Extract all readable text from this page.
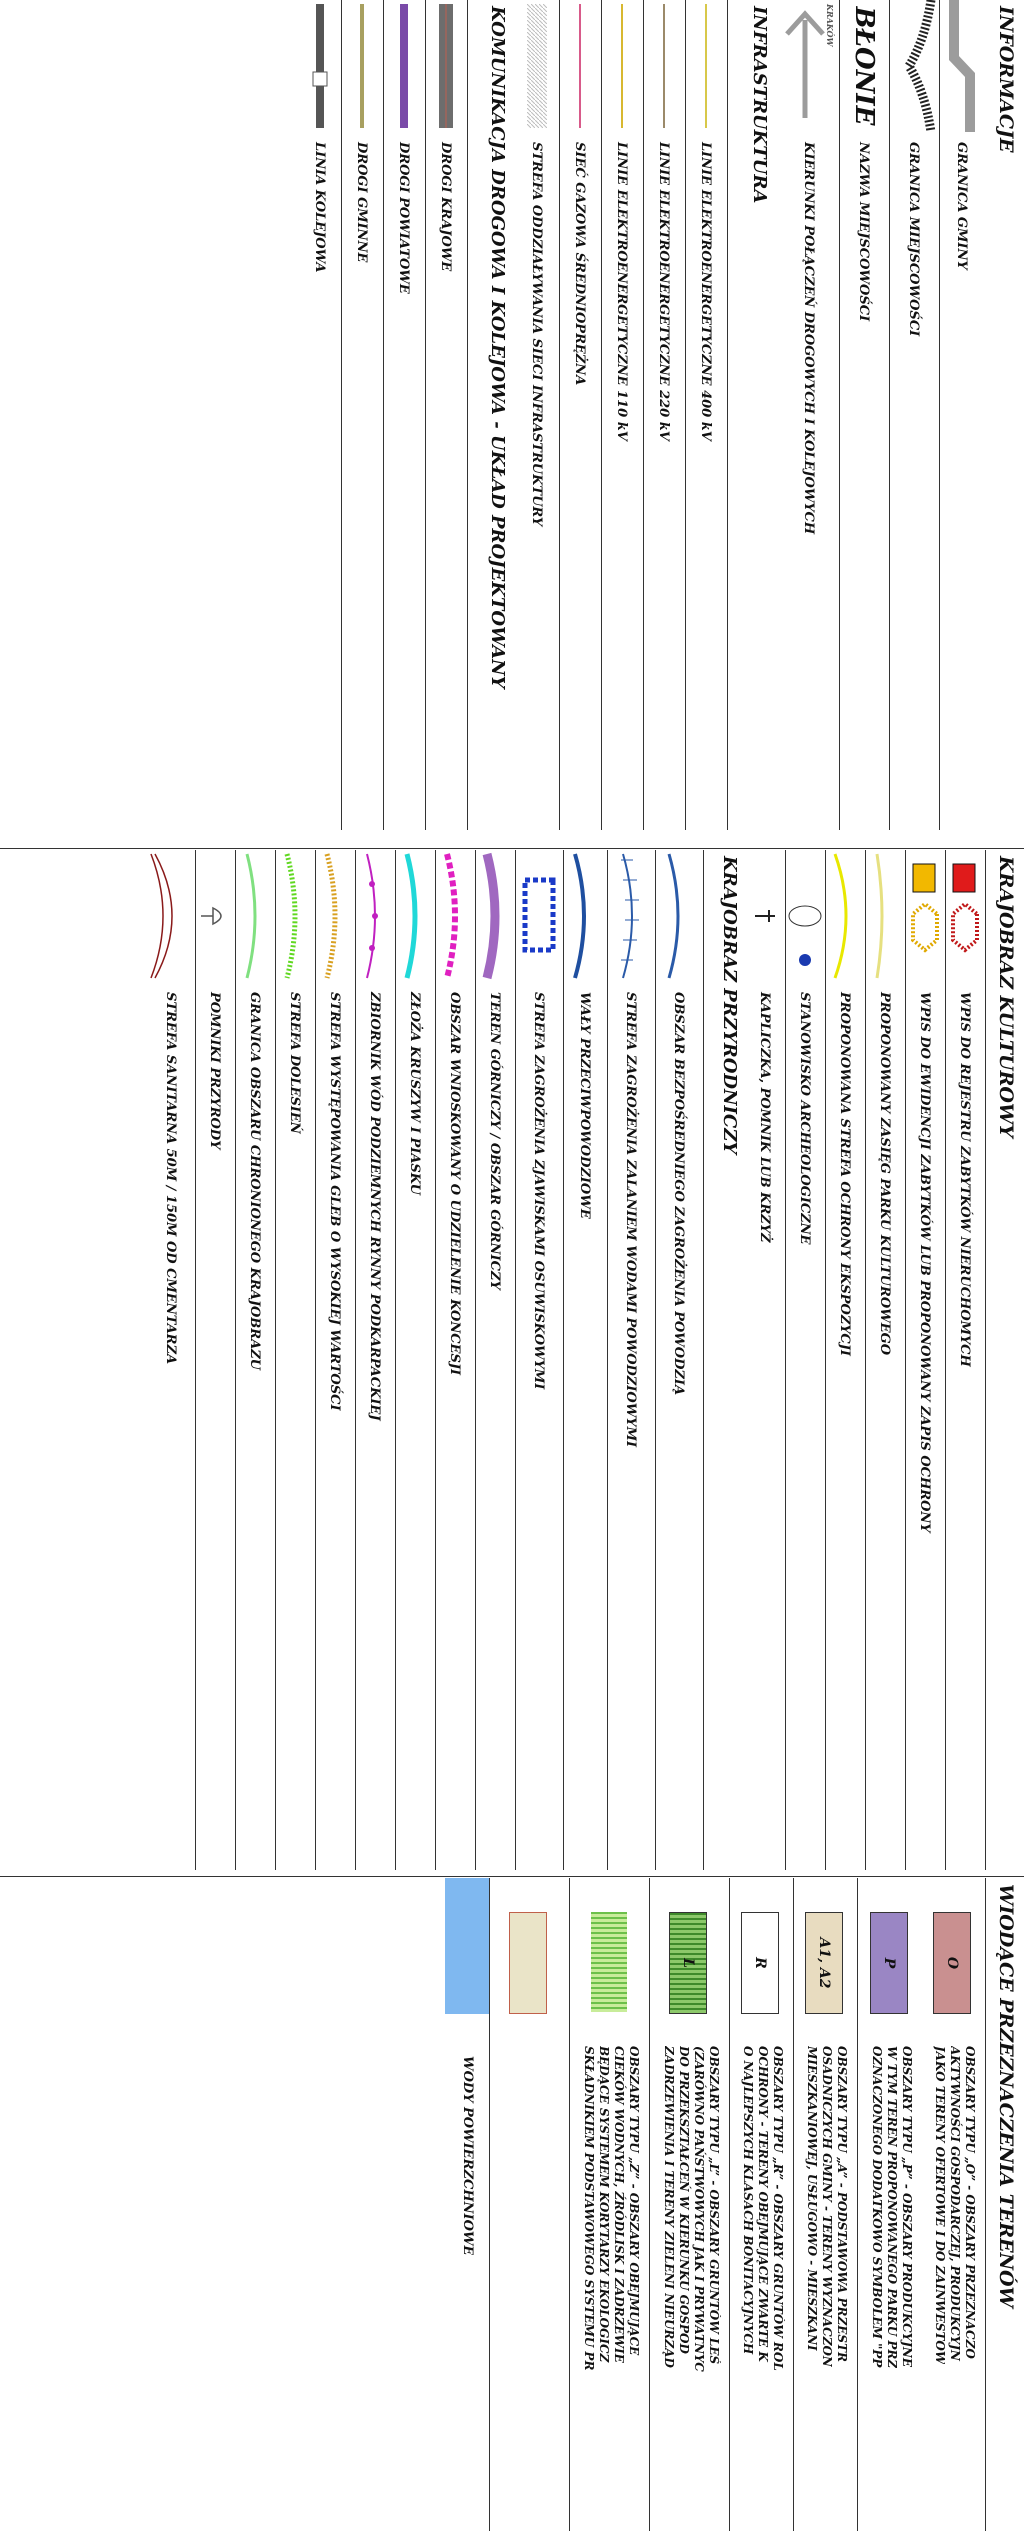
INFORMACJE
GRANICA GMINY
GRANICA MIEJSCOWOŚCI
BŁONIE
NAZWA MIEJSCOWOŚCI
KRAKÓW
KIERUNKI POŁĄCZEŃ DROGOWYCH I KOLEJOWYCH
INFRASTRUKTURA
LINIE ELEKTROENERGETYCZNE 400 kV
LINIE ELEKTROENERGETYCZNE 220 kV
LINIE ELEKTROENERGETYCZNE 110 kV
SIEĆ GAZOWA ŚREDNIOPRĘŻNA
STREFA ODDZIAŁYWANIA SIECI INFRASTRUKTURY
KOMUNIKACJA DROGOWA I KOLEJOWA - UKŁAD PROJEKTOWANY
DROGI KRAJOWE
DROGI POWIATOWE
DROGI GMINNE
LINIA KOLEJOWA
KRAJOBRAZ KULTUROWY
WPIS DO REJESTRU ZABYTKÓW NIERUCHOMYCH
WPIS DO EWIDENCJI ZABYTKÓW LUB PROPONOWANY ZAPIS OCHRONY
PROPONOWANY ZASIĘG PARKU KULTUROWEGO
PROPONOWANA STREFA OCHRONY EKSPOZYCJI
STANOWISKO ARCHEOLOGICZNE
KAPLICZKA, POMNIK LUB KRZYŻ
KRAJOBRAZ PRZYRODNICZY
OBSZAR BEZPOŚREDNIEGO ZAGROŻENIA POWODZIĄ
STREFA ZAGROŻENIA ZALANIEM WODAMI POWODZIOWYMI
WAŁY PRZECIWPOWODZIOWE
STREFA ZAGROŻENIA ZJAWISKAMI OSUWISKOWYMI
TEREN GÓRNICZY / OBSZAR GÓRNICZY
OBSZAR WNIOSKOWANY O UDZIELENIE KONCESJI
ZŁOŻA KRUSZYW I PIASKU
ZBIORNIK WÓD PODZIEMNYCH RYNNY PODKARPACKIEJ
STREFA WYSTĘPOWANIA GLEB O WYSOKIEJ WARTOŚCI
STREFA DOLESIEŃ
GRANICA OBSZARU CHRONIONEGO KRAJOBRAZU
POMNIKI PRZYRODY
STREFA SANITARNA 50M / 150M OD CMENTARZA
WIODĄCE PRZEZNACZENIA TERENÓW
O
OBSZARY TYPU „O” - OBSZARY PRZEZNACZO
AKTYWNOŚCI GOSPODARCZEJ, PRODUKCYJN
JAKO TERENY OFERTOWE I DO ZAINWESTOW
P
OBSZARY TYPU „P” - OBSZARY PRODUKCYJNE
W TYM TEREN PROPONOWANEGO PARKU PRZ
OZNACZONEGO DODATKOWO SYMBOLEM "PP
A1, A2
OBSZARY TYPU „A” - PODSTAWOWA PRZESTR
OSADNICZYCH GMINY - TERENY WYZNACZON
MIESZKANIOWEJ, USŁUGOWO - MIESZKANI
R
OBSZARY TYPU „R” - OBSZARY GRUNTÓW ROL
OCHRONY - TERENY OBEJMUJĄCE ZWARTE K
O NAJLEPSZYCH KLASACH BONITACYJNYCH
L
OBSZARY TYPU „L” - OBSZARY GRUNTÓW LEŚ
(ZARÓWNO PAŃSTWOWYCH JAK I PRYWATNYC
DO PRZEKSZTAŁCEŃ W KIERUNKU GOSPOD
ZADRZEWIENIA I TERENY ZIELENI NIEURZĄD
OBSZARY TYPU „Z” - OBSZARY OBEJMUJĄCE
CIEKÓW WODNYCH, ŹRÓDLISK I ZADRZEWIE
BĘDĄCE SYSTEMEM KORYTARZY EKOLOGICZ
SKŁADNIKIEM PODSTAWOWEGO SYSTEMU PR
WODY POWIERZCHNIOWE
